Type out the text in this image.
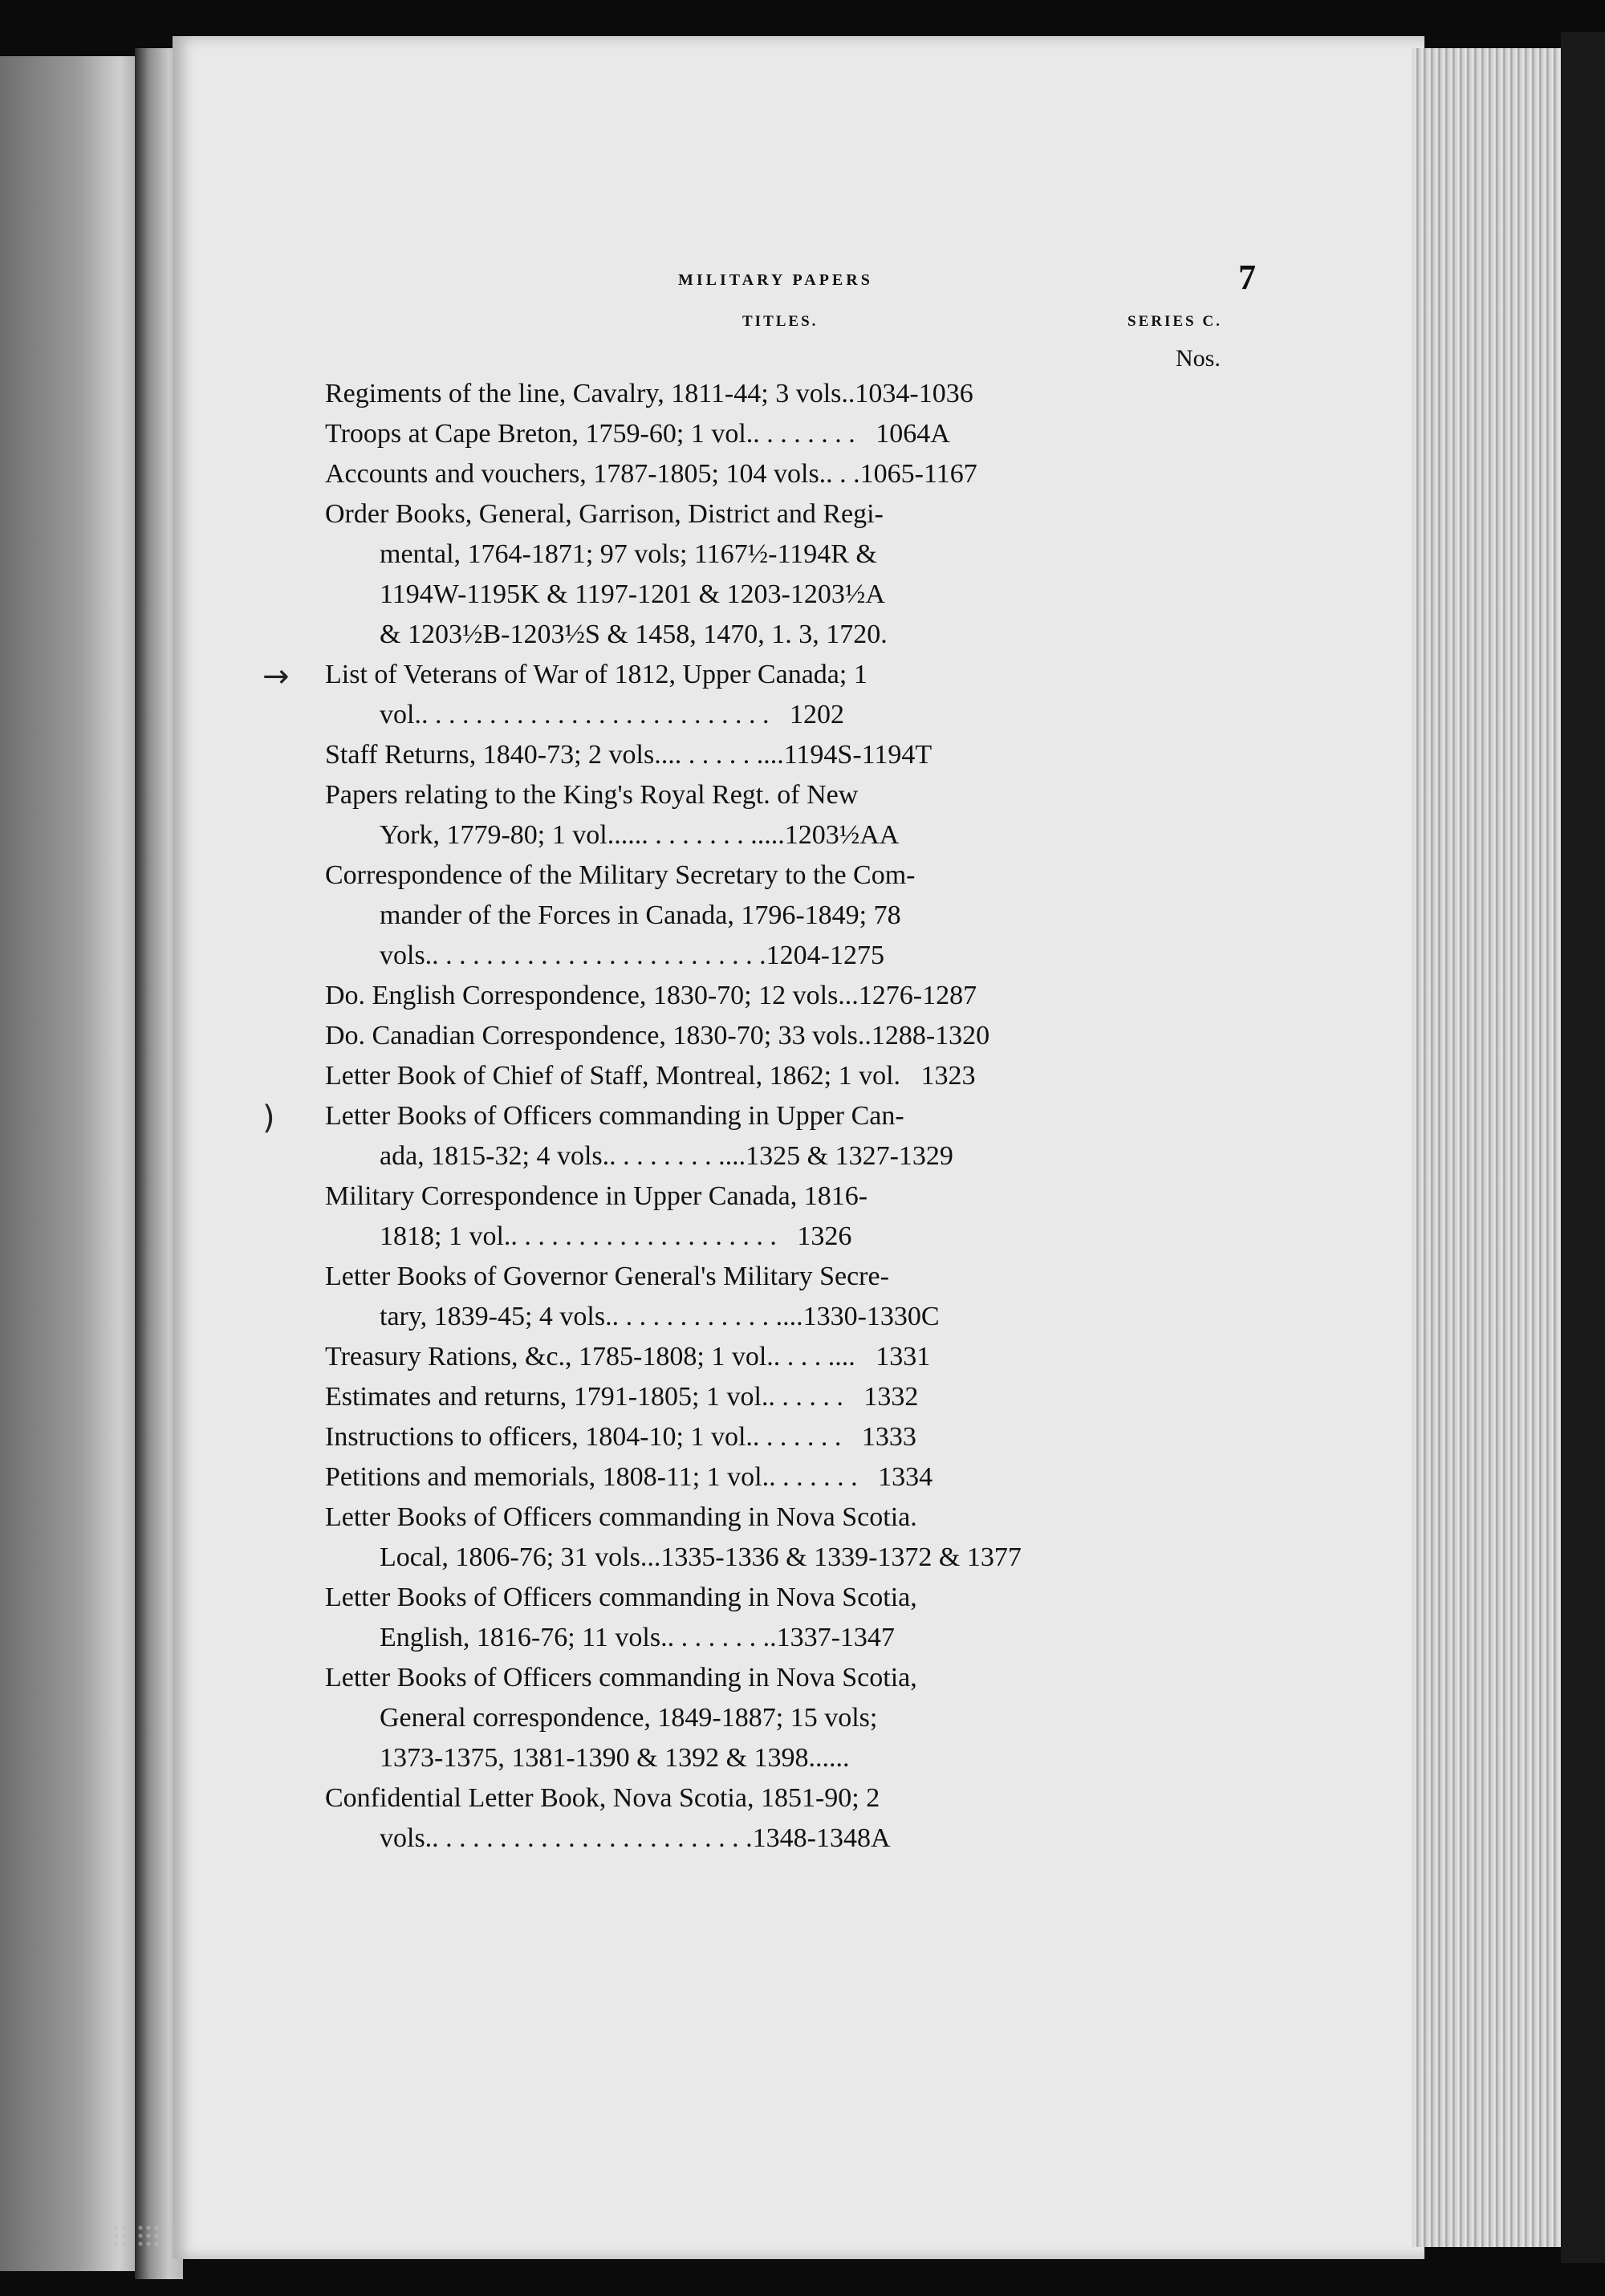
MILITARY PAPERS	7
TITLES.	SERIES C.
Nos.
Regiments of the line, Cavalry, 1811-44; 3 vols..1034-1036
Troops at Cape Breton, 1759-60; 1 vol.. . . . . . . .   1064A
Accounts and vouchers, 1787-1805; 104 vols.. . .1065-1167
Order Books, General, Garrison, District and Regi-

mental, 1764-1871; 97 vols; 1167½-1194R &
1194W-1195K & 1197-1201 & 1203-1203½A
& 1203½B-1203½S & 1458, 1470, 1. 3, 1720.
→ List of Veterans of War of 1812, Upper Canada; 1

vol.. . . . . . . . . . . . . . . . . . . . . . . . . .   1202
Staff Returns, 1840-73; 2 vols.... . . . . . ....1194S-1194T
Papers relating to the King's Royal Regt. of New

York, 1779-80; 1 vol...... . . . . . . . .....1203½AA
Correspondence of the Military Secretary to the Com-

mander of the Forces in Canada, 1796-1849; 78
vols.. . . . . . . . . . . . . . . . . . . . . . . . .1204-1275
Do. English Correspondence, 1830-70; 12 vols...1276-1287
Do. Canadian Correspondence, 1830-70; 33 vols..1288-1320
Letter Book of Chief of Staff, Montreal, 1862; 1 vol.   1323
) Letter Books of Officers commanding in Upper Can-

ada, 1815-32; 4 vols.. . . . . . . . ....1325 & 1327-1329
Military Correspondence in Upper Canada, 1816-

1818; 1 vol.. . . . . . . . . . . . . . . . . . . .   1326
Letter Books of Governor General's Military Secre-

tary, 1839-45; 4 vols.. . . . . . . . . . . . ....1330-1330C
Treasury Rations, &c., 1785-1808; 1 vol.. . . . ....   1331
Estimates and returns, 1791-1805; 1 vol.. . . . . .   1332
Instructions to officers, 1804-10; 1 vol.. . . . . . .   1333
Petitions and memorials, 1808-11; 1 vol.. . . . . . .   1334
Letter Books of Officers commanding in Nova Scotia.

Local, 1806-76; 31 vols...1335-1336 & 1339-1372 & 1377
Letter Books of Officers commanding in Nova Scotia,

English, 1816-76; 11 vols.. . . . . . . ..1337-1347
Letter Books of Officers commanding in Nova Scotia,

General correspondence, 1849-1887; 15 vols;
1373-1375, 1381-1390 & 1392 & 1398......
Confidential Letter Book, Nova Scotia, 1851-90; 2

vols.. . . . . . . . . . . . . . . . . . . . . . . .1348-1348A
